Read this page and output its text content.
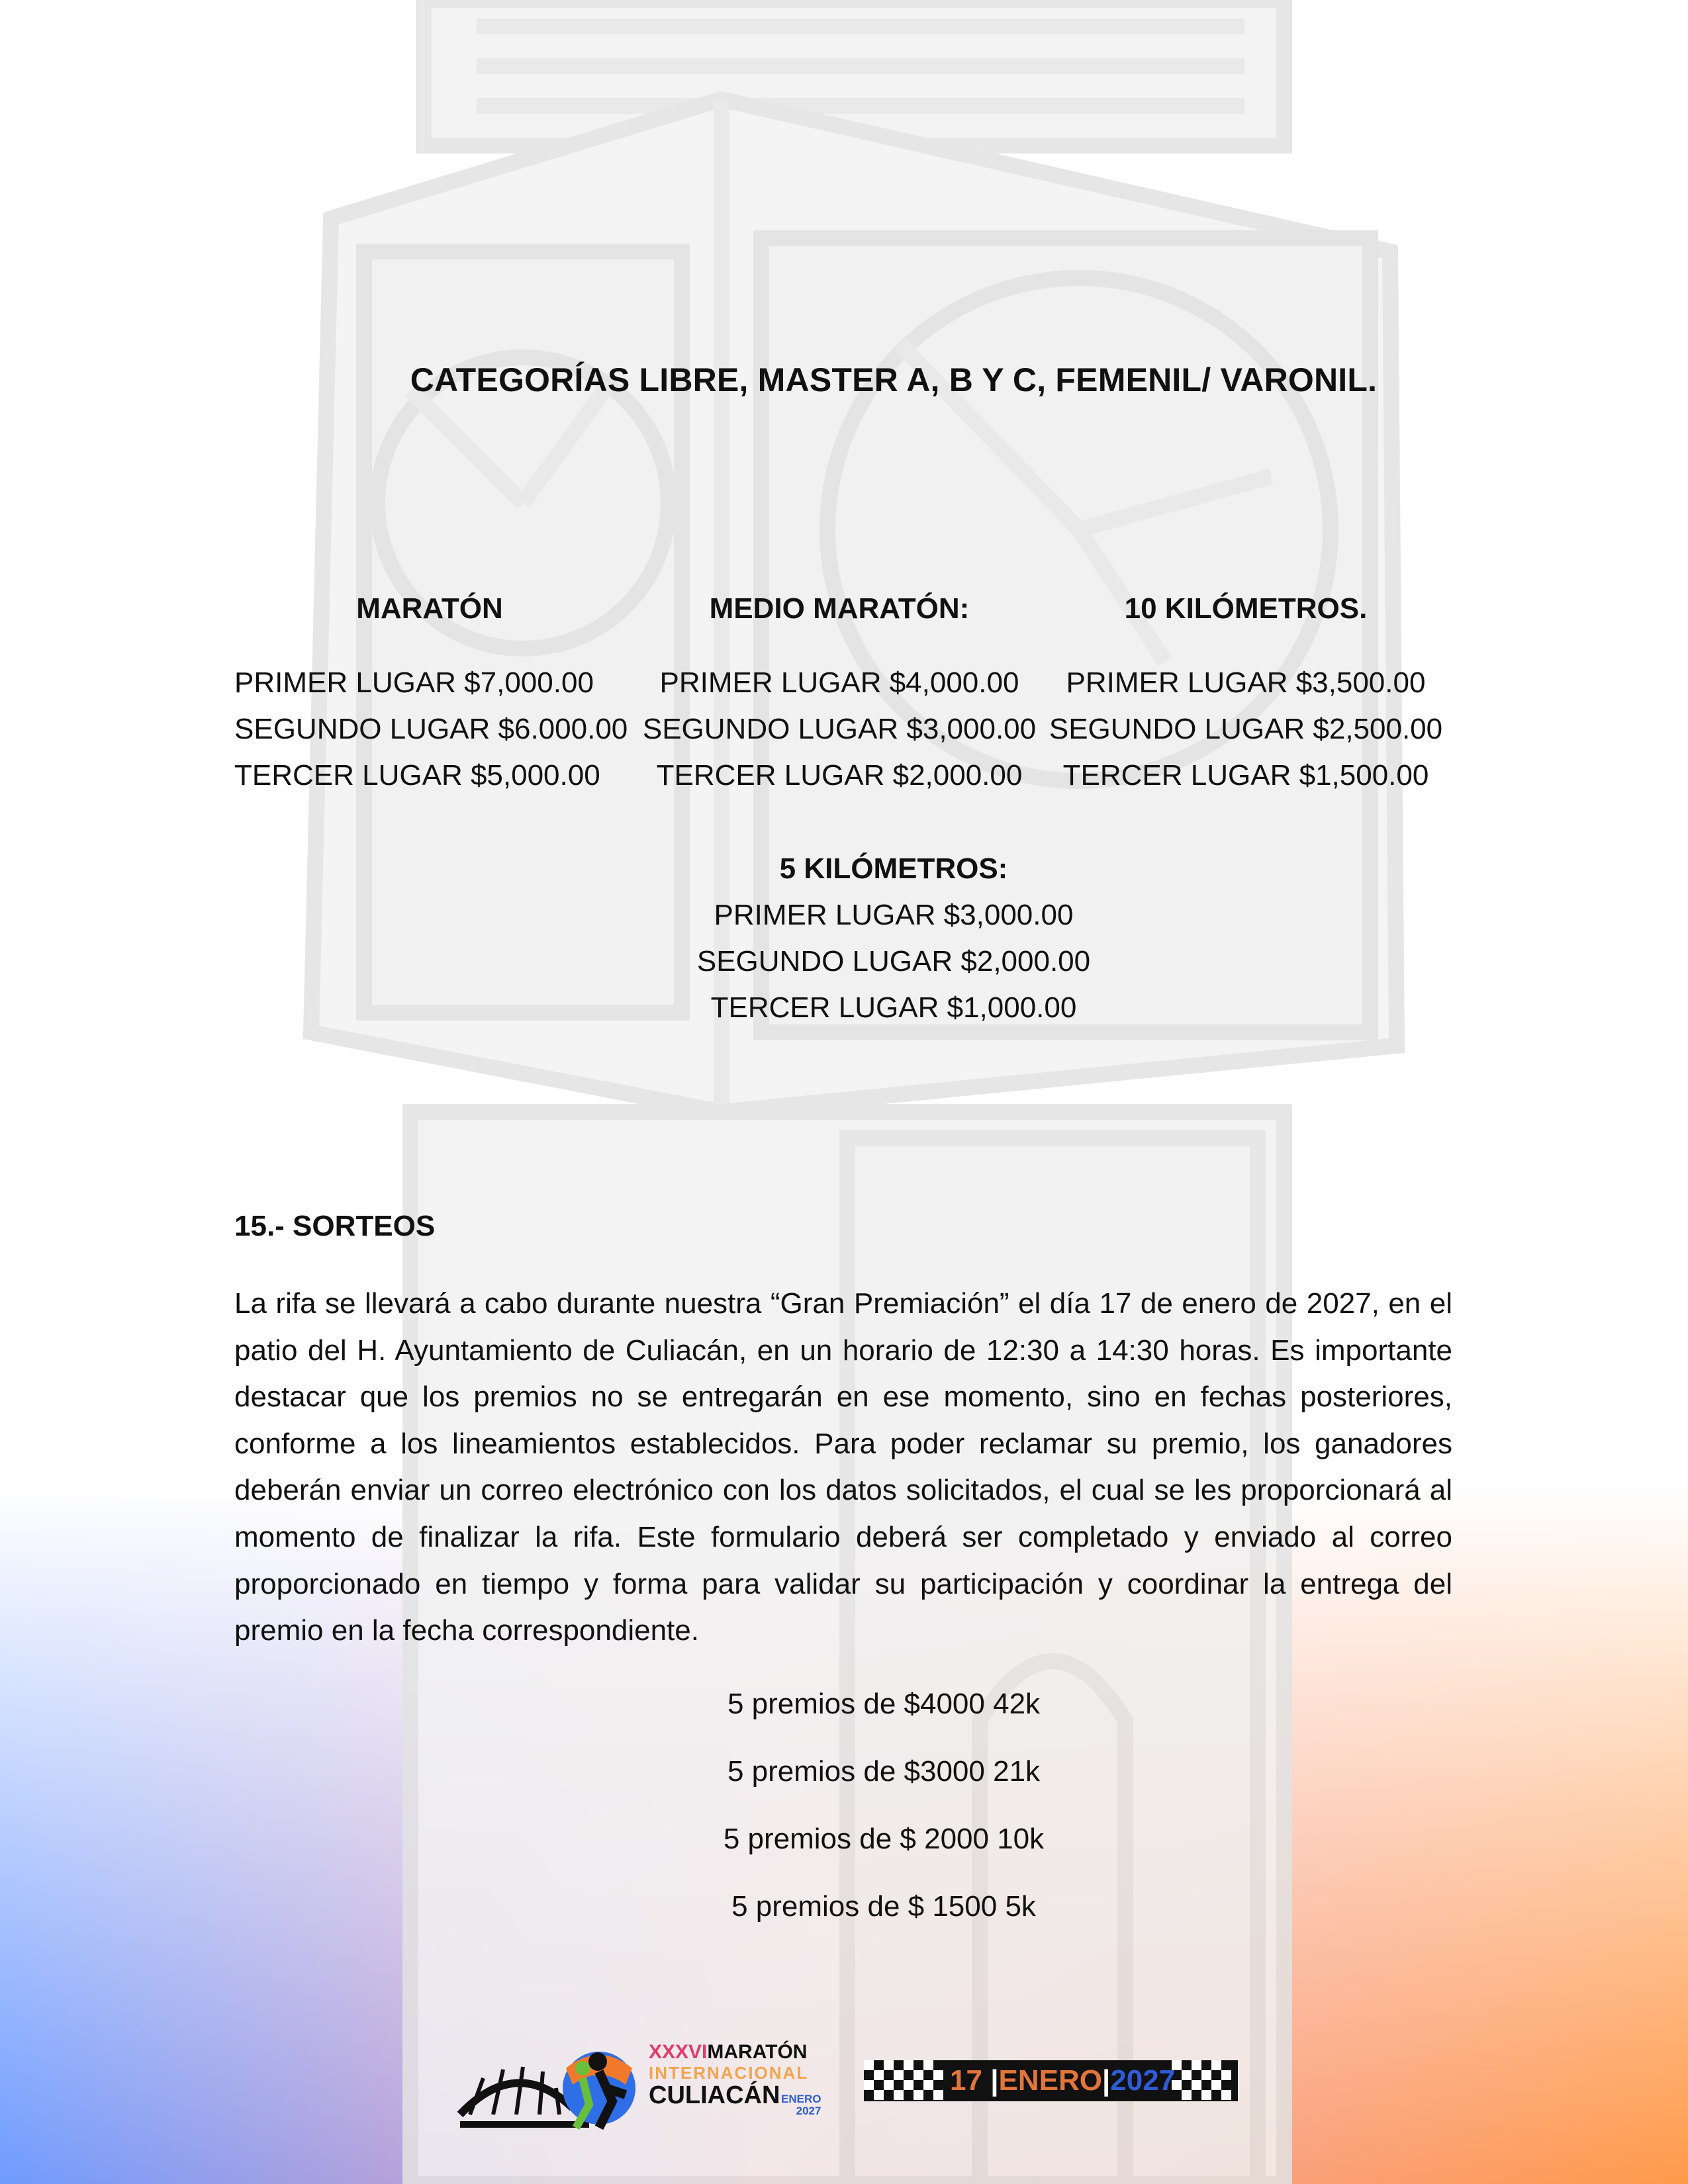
CATEGORÍAS LIBRE, MASTER A, B Y C, FEMENIL/ VARONIL.
MARATÓN
PRIMER LUGAR $7,000.00
SEGUNDO LUGAR $6.000.00
TERCER LUGAR $5,000.00
MEDIO MARATÓN:
PRIMER LUGAR $4,000.00
SEGUNDO LUGAR $3,000.00
TERCER LUGAR $2,000.00
10 KILÓMETROS.
PRIMER LUGAR $3,500.00
SEGUNDO LUGAR $2,500.00
TERCER LUGAR $1,500.00
5 KILÓMETROS:
PRIMER LUGAR $3,000.00
SEGUNDO LUGAR $2,000.00
TERCER LUGAR $1,000.00
15.- SORTEOS
La rifa se llevará a cabo durante nuestra “Gran Premiación” el día 17 de enero de 2027, en el patio del H. Ayuntamiento de Culiacán, en un horario de 12:30 a 14:30 horas. Es importante destacar que los premios no se entregarán en ese momento, sino en fechas posteriores, conforme a los lineamientos establecidos. Para poder reclamar su premio, los ganadores deberán enviar un correo electrónico con los datos solicitados, el cual se les proporcionará al momento de finalizar la rifa. Este formulario deberá ser completado y enviado al correo proporcionado en tiempo y forma para validar su participación y coordinar la entrega del premio en la fecha correspondiente.
5 premios de $4000 42k
5 premios de $3000 21k
5 premios de $ 2000 10k
5 premios de $ 1500 5k
XXXVIMARATÓN
INTERNACIONAL
CULIACÁN ENERO
2027
17 |ENERO|2027
